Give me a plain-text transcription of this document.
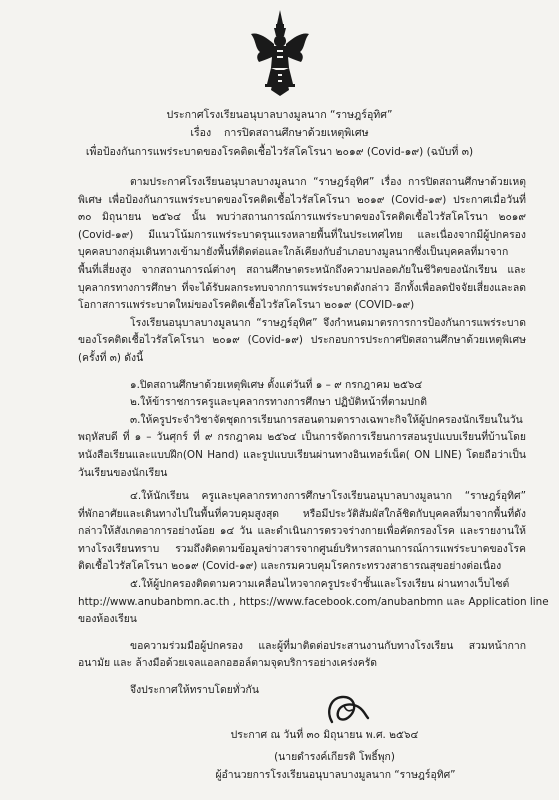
ประกาศโรงเรียนอนุบาลบางมูลนาก “ราษฎร์อุทิศ”
เรื่อง การปิดสถานศึกษาด้วยเหตุพิเศษ
เพื่อป้องกันการแพร่ระบาดของโรคติดเชื้อไวรัสโคโรนา ๒๐๑๙ (Covid-๑๙) (ฉบับที่ ๓)

ตามประกาศโรงเรียนอนุบาลบางมูลนาก “ราษฎร์อุทิศ” เรื่อง การปิดสถานศึกษาด้วยเหตุพิเศษ เพื่อป้องกันการแพร่ระบาดของโรคติดเชื้อไวรัสโคโรนา ๒๐๑๙ (Covid-๑๙) ประกาศเมื่อวันที่ ๓๐ มิถุนายน ๒๕๖๔ นั้น พบว่าสถานการณ์การแพร่ระบาดของโรคติดเชื้อไวรัสโคโรนา ๒๐๑๙ (Covid-๑๙) มีแนวโน้มการแพร่ระบาดรุนแรงหลายพื้นที่ในประเทศไทย และเนื่องจากมีผู้ปกครอง บุคคลบางกลุ่มเดินทางเข้ามายังพื้นที่ติดต่อและใกล้เคียงกับอำเภอบางมูลนากซึ่งเป็นบุคคลที่มาจากพื้นที่เสี่ยงสูง จากสถานการณ์ต่างๆ สถานศึกษาตระหนักถึงความปลอดภัยในชีวิตของนักเรียน และบุคลากรทางการศึกษา ที่จะได้รับผลกระทบจากการแพร่ระบาดดังกล่าว อีกทั้งเพื่อลดปัจจัยเสี่ยงและลดโอกาสการแพร่ระบาดใหม่ของโรคติดเชื้อไวรัสโคโรนา ๒๐๑๙ (COVID-๑๙)

โรงเรียนอนุบาลบางมูลนาก “ราษฎร์อุทิศ” จึงกำหนดมาตรการการป้องกันการแพร่ระบาดของโรคติดเชื้อไวรัสโคโรนา ๒๐๑๙ (Covid-๑๙) ประกอบการประกาศปิดสถานศึกษาด้วยเหตุพิเศษ (ครั้งที่ ๓) ดังนี้

๑.ปิดสถานศึกษาด้วยเหตุพิเศษ ตั้งแต่วันที่ ๑ – ๙ กรกฎาคม ๒๕๖๔

๒.ให้ข้าราชการครูและบุคลากรทางการศึกษา ปฏิบัติหน้าที่ตามปกติ

๓.ให้ครูประจำวิชาจัดชุดการเรียนการสอนตามตารางเฉพาะกิจให้ผู้ปกครองนักเรียนในวันพฤหัสบดี ที่ ๑ – วันศุกร์ ที่ ๙ กรกฎาคม ๒๕๖๔ เป็นการจัดการเรียนการสอนรูปแบบเรียนที่บ้านโดยหนังสือเรียนและแบบฝึก(ON Hand) และรูปแบบเรียนผ่านทางอินเทอร์เน็ต( ON LINE) โดยถือว่าเป็นวันเรียนของนักเรียน

๔.ให้นักเรียน ครูและบุคลากรทางการศึกษาโรงเรียนอนุบาลบางมูลนาก “ราษฎร์อุทิศ” ที่พักอาศัยและเดินทางไปในพื้นที่ควบคุมสูงสุด หรือมีประวัติสัมผัสใกล้ชิดกับบุคคลที่มาจากพื้นที่ดังกล่าวให้สังเกตอาการอย่างน้อย ๑๔ วัน และดำเนินการตรวจร่างกายเพื่อคัดกรองโรค และรายงานให้ทางโรงเรียนทราบ รวมถึงติดตามข้อมูลข่าวสารจากศูนย์บริหารสถานการณ์การแพร่ระบาดของโรคติดเชื้อไวรัสโคโรนา ๒๐๑๙ (Covid-๑๙) และกรมควบคุมโรคกระทรวงสาธารณสุขอย่างต่อเนื่อง

๕.ให้ผู้ปกครองติดตามความเคลื่อนไหวจากครูประจำชั้นและโรงเรียน ผ่านทางเว็บไซต์

http://www.anubanbmn.ac.th , https://www.facebook.com/anubanbmn และ Application line

ของห้องเรียน

ขอความร่วมมือผู้ปกครอง และผู้ที่มาติดต่อประสานงานกับทางโรงเรียน สวมหน้ากากอนามัย และ ล้างมือด้วยเจลแอลกอฮอล์ตามจุดบริการอย่างเคร่งครัด

จึงประกาศให้ทราบโดยทั่วกัน

ประกาศ ณ วันที่ ๓๐ มิถุนายน พ.ศ. ๒๕๖๔
(นายดำรงค์เกียรติ โพธิ์พุก)
ผู้อำนวยการโรงเรียนอนุบาลบางมูลนาก “ราษฎร์อุทิศ”
